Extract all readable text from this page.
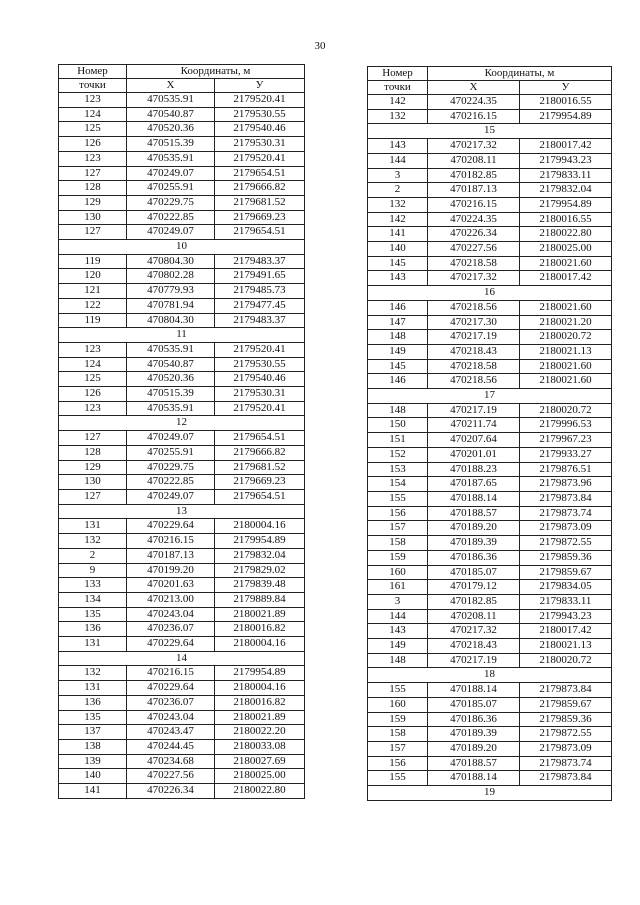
30
Номер	Координаты, м	
точки	Х	У
123	470535.91	2179520.41
124	470540.87	2179530.55
125	470520.36	2179540.46
126	470515.39	2179530.31
123	470535.91	2179520.41
127	470249.07	2179654.51
128	470255.91	2179666.82
129	470229.75	2179681.52
130	470222.85	2179669.23
127	470249.07	2179654.51
10		
119	470804.30	2179483.37
120	470802.28	2179491.65
121	470779.93	2179485.73
122	470781.94	2179477.45
119	470804.30	2179483.37
11		
123	470535.91	2179520.41
124	470540.87	2179530.55
125	470520.36	2179540.46
126	470515.39	2179530.31
123	470535.91	2179520.41
12		
127	470249.07	2179654.51
128	470255.91	2179666.82
129	470229.75	2179681.52
130	470222.85	2179669.23
127	470249.07	2179654.51
13		
131	470229.64	2180004.16
132	470216.15	2179954.89
2	470187.13	2179832.04
9	470199.20	2179829.02
133	470201.63	2179839.48
134	470213.00	2179889.84
135	470243.04	2180021.89
136	470236.07	2180016.82
131	470229.64	2180004.16
14		
132	470216.15	2179954.89
131	470229.64	2180004.16
136	470236.07	2180016.82
135	470243.04	2180021.89
137	470243.47	2180022.20
138	470244.45	2180033.08
139	470234.68	2180027.69
140	470227.56	2180025.00
141	470226.34	2180022.80
Номер	Координаты, м	
точки	Х	У
142	470224.35	2180016.55
132	470216.15	2179954.89
15		
143	470217.32	2180017.42
144	470208.11	2179943.23
3	470182.85	2179833.11
2	470187.13	2179832.04
132	470216.15	2179954.89
142	470224.35	2180016.55
141	470226.34	2180022.80
140	470227.56	2180025.00
145	470218.58	2180021.60
143	470217.32	2180017.42
16		
146	470218.56	2180021.60
147	470217.30	2180021.20
148	470217.19	2180020.72
149	470218.43	2180021.13
145	470218.58	2180021.60
146	470218.56	2180021.60
17		
148	470217.19	2180020.72
150	470211.74	2179996.53
151	470207.64	2179967.23
152	470201.01	2179933.27
153	470188.23	2179876.51
154	470187.65	2179873.96
155	470188.14	2179873.84
156	470188.57	2179873.74
157	470189.20	2179873.09
158	470189.39	2179872.55
159	470186.36	2179859.36
160	470185.07	2179859.67
161	470179.12	2179834.05
3	470182.85	2179833.11
144	470208.11	2179943.23
143	470217.32	2180017.42
149	470218.43	2180021.13
148	470217.19	2180020.72
18		
155	470188.14	2179873.84
160	470185.07	2179859.67
159	470186.36	2179859.36
158	470189.39	2179872.55
157	470189.20	2179873.09
156	470188.57	2179873.74
155	470188.14	2179873.84
19		
